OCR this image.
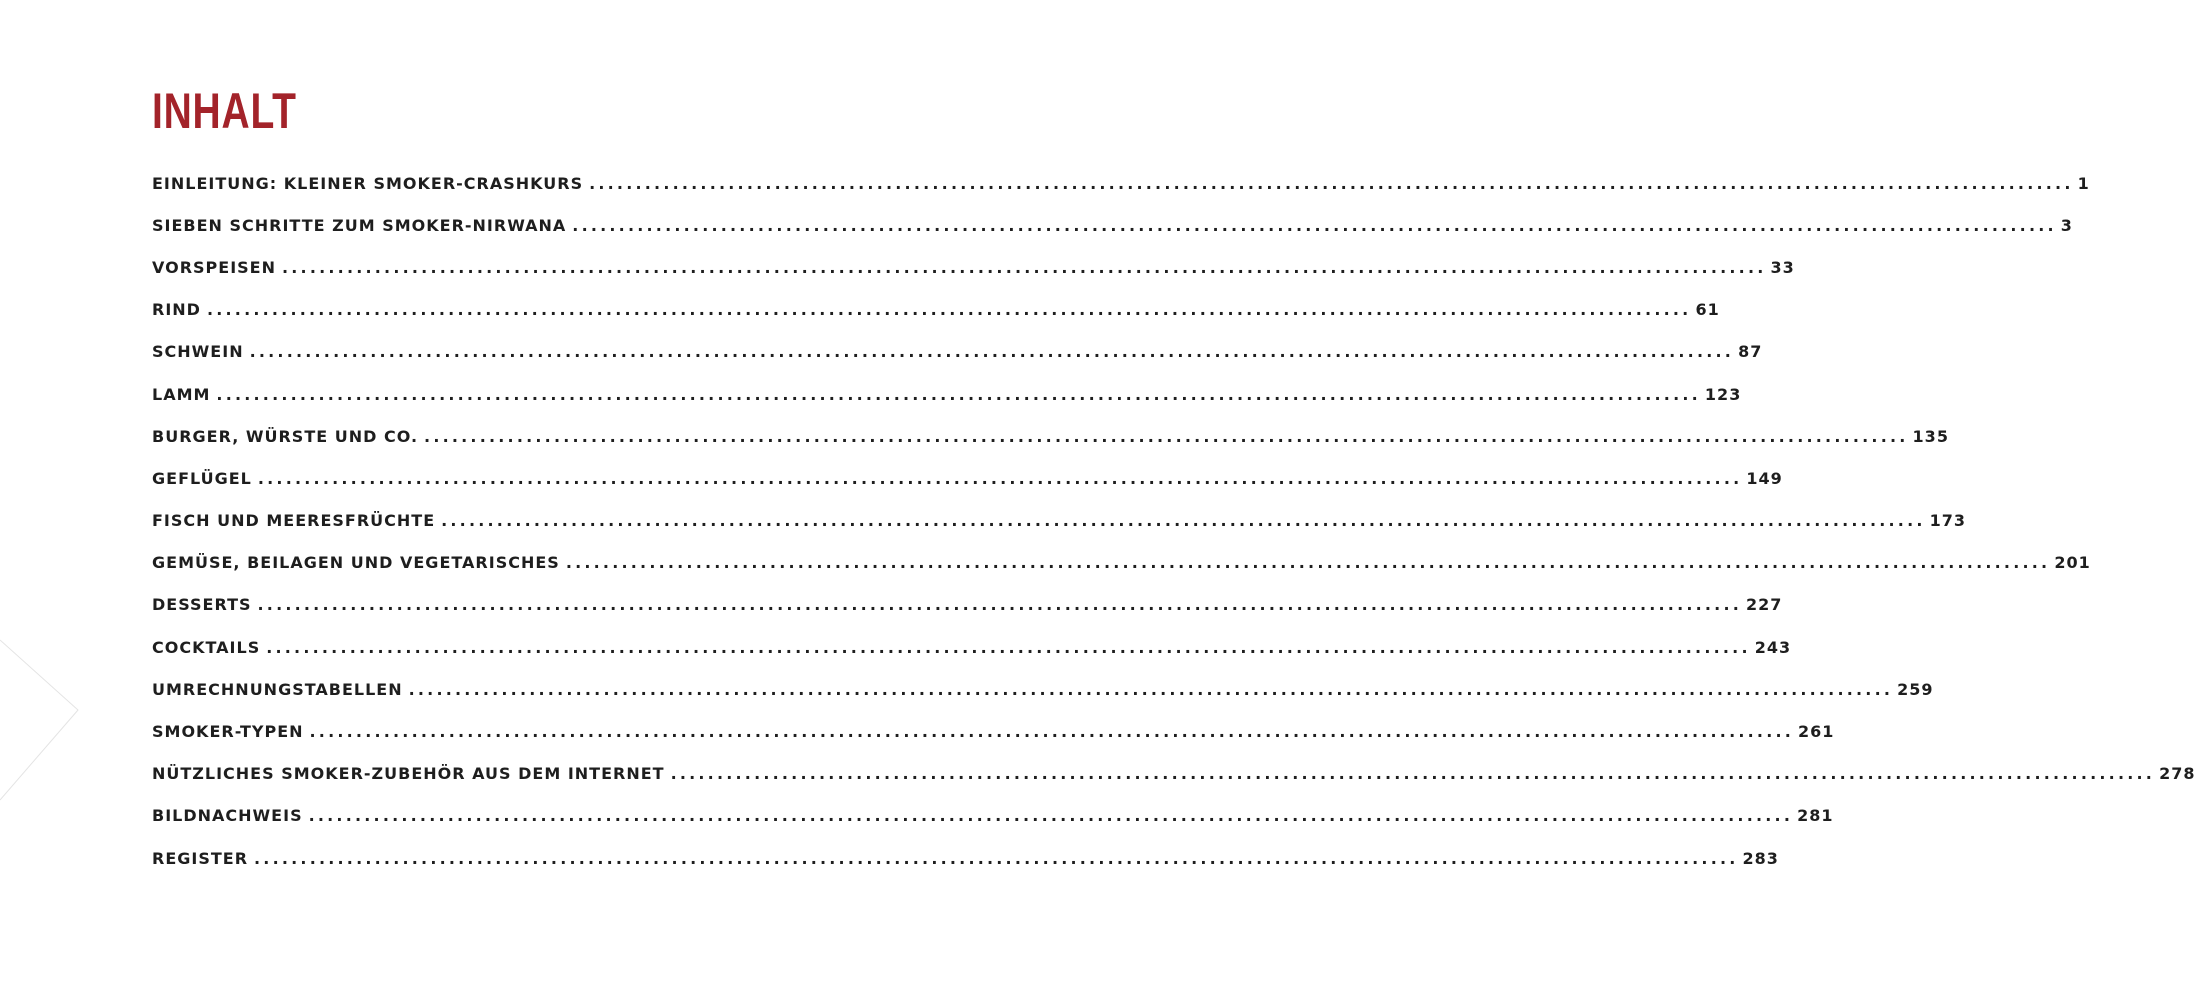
INHALT
EINLEITUNG: KLEINER SMOKER-CRASHKURS ................................................................................................................................................................ 1
SIEBEN SCHRITTE ZUM SMOKER-NIRWANA ................................................................................................................................................................ 3
VORSPEISEN ................................................................................................................................................................ 33
RIND ................................................................................................................................................................ 61
SCHWEIN ................................................................................................................................................................ 87
LAMM ................................................................................................................................................................ 123
BURGER, WÜRSTE UND CO. ................................................................................................................................................................ 135
GEFLÜGEL ................................................................................................................................................................ 149
FISCH UND MEERESFRÜCHTE ................................................................................................................................................................ 173
GEMÜSE, BEILAGEN UND VEGETARISCHES ................................................................................................................................................................ 201
DESSERTS ................................................................................................................................................................ 227
COCKTAILS ................................................................................................................................................................ 243
UMRECHNUNGSTABELLEN ................................................................................................................................................................ 259
SMOKER-TYPEN ................................................................................................................................................................ 261
NÜTZLICHES SMOKER-ZUBEHÖR AUS DEM INTERNET ................................................................................................................................................................ 278
BILDNACHWEIS ................................................................................................................................................................ 281
REGISTER ................................................................................................................................................................ 283
